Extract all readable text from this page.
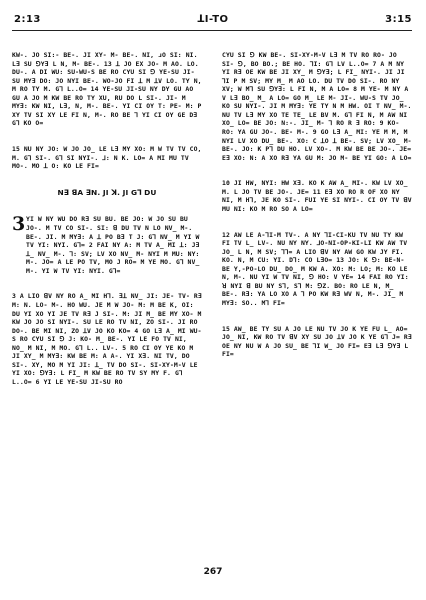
2:13	ꓕI-TO	3:15

KW-. JO SI:- BE-. JI XY- M- BE-. NI, ɹO SI: NI. L∃ SU ⅁Y∃ L N, M- BE-. 13 ꓕ JO EX JO- M AO. LO. DU-. A DI WU: SU-WU-S BE RO CYU SI ⅁ YE-SU JI-SU MY∃ DO: JO NYI BE-. WO-JO FI ꓕ M ꓕV LO. TY N, M RO TY M. G⅂ L..O= 14 YE-SU JI-SU NY DY GU AO GU A JO M KW BE RO TY XU, RU DO L SI-. JI- M MY∃: KW NI, L∃, N, M-. BE-. YI CI OY T: PE- M: P XY TV SI XY LE FI N, M-. RO BE ⅂ YI CI OY GE D∃ G⅂ KO O=

15 NU NY JO: W JO JO_ LE L∃ MY XO: M W TV TV CO, M. G⅂ SI-. G⅂ SI NYI-. ⅃: N K. LO= A MI MU TV MO-. MO ꓕ O: KO LE FI=

N∃ ꓭA ∃N. JI ꓘ. JI G⅂ DU

3 YI W NY WU DO R∃ SU BU. BE JO: W JO SU BU JO-. M TV CO SI-. SI: ꓭ DU TV N LO NV_ M-. BE-. JI. M MY∃: A ꓕ PO B∃ T J: G⅂ NV_ M YI W TV YI: NYI. G⅂= 2 FAI NY A: M TV A_ MI ꓕ: J∃ ꓕ_ NV_ M-. ⅂: SV; LV XO NV_ M- NYI M MU: NY: M-. JO= A LE PO TV, MO J RO= M YE MO. G⅂ NV_ M-. YI W TV YI: NYI. G⅂=

3 A LIO ꓭV NY RO A_ MI H⅂. ∃ꓕ NV_ JI: JE- TV- R∃ M: N. LO- M-. HO WU. JE M W JO- M: M BE K, OI: DU YI XO YI JE TV R∃ J SI-. M: JI M_ BE MY XO- M KW JO JO SI NYI-. SU LE RO TV NI, ZO SI-. JI RO DO-. BE MI NI, ZO ꓕV JO KO KO= 4 GO L∃ A_ MI WU-S RO CYU SI ⅁ J: KO- M_ BE-. YI LE FO TV NI, NO_ M NI, M MO. G⅂ L.. LV-. 5 RO CI OY YE KO M JI XY_ M MY∃: KW BE M: A A-. YI X∃. NI TV, DO SI-. XY, MO M YI JI: ꓕ_ TV DO SI-. SI-XY-M-V LE YI XO: ⅁Y∃: L FI_ M KW BE RO TV SY MY F. G⅂ L..O= 6 YI LE YE-SU JI-SU RO

CYU SI ⅁ KW BE-. SI-XY-M-V L∃ M TV RO RO- JO SI- ⅁, BO BO.; BE HO. ⅂I: G⅂ LV L..O= 7 A M NY YI R∃ OE KW BE JI XY_ M ⅁Y∃; L FI_ NYI-. JI JI ⅂I P M SV; MY M_ M AO LO. DU TV DO SI-. RO NY XV; W M⅂ SU ⅁Y∃: L FI N, M A LO= 8 M YE- M NY A V L∃ BO_ M_ A LO= GO M_ LE M- JI-. WU-S TV JO_ KO SU NYI-. JI M MY∃: YE TY N M HW. OI T NV_ M-. NU TV L∃ MY XO TE TE_ LE BV M. G⅂ FI N, M AW NI XO_ LO= BE JO: N:-. JI_ M- ⅂ RO R ∃ RO: 9 KO- RO: YA GU JO-. BE- M-. 9 GO L∃ A_ MI: YE M M, M NYI LV XO DU_ BE-. XO: C ꓕO ꓕ BE-. SV; LV XO_ M- BE-. JO: K P⅂ DU HO. LV XO-. M KW BE BE JO-. JE= E∃ XO: N: A XO R∃ YA GU M: JO M- BE YI GO: A LO=

10 JI HW, NYI: HW X∃. KO K AW A_ MI-. KW LV XO_ M. L JO TV BE JO-. JE= 11 E∃ XO RO R OF XO NY NI, M H⅂, JE KO SI-. FUI YE SI NYI-. CI OY TV ꓭV MU NI: KO M RO SO A LO=

12 AW LE A-⅂I-M TV-. A NY ⅂I-CI-KU TV NU TY KW FI TV L_ LV-. NU NY NY. ⅃O-NI-OP-KI-LI KW AW TV JO_ L N, M SV; ⅂⅂= A LIO ꓭV NY AW GO KW JY FI. KO. N, M CU: YI. D⅂: CO L∃O= 13 JO: K ⅁: BE-N- BE Y,-PO-LO DU_ DO_ M KW A. XO: M: LO; M: KO LE N, M-. NU YI W TV NI, ⅁ HO: V YE= 14 FAI RO YI: ꓤ NYI ꓭ BU NY S⅂, S⅂ M: ⅁Z. BO: RO LE N, M_ BE-. R∃: YA LO XO A ⅂ PO KW R∃ WV N, M-. JI_ M MY∃: SO.. M⅂ FI=

15 AW_ BE TY SU A JO LE NU TV JO K YE FU L_ AO= JO_ NI, KW RO TV ꓭV XY SU JO ꓕV JO K YE G⅂ J= R∃ OE NY NU W A JO SU_ BE ⅂I W_ JO FI= E∃ L∃ ⅁Y∃ L FI=

267
